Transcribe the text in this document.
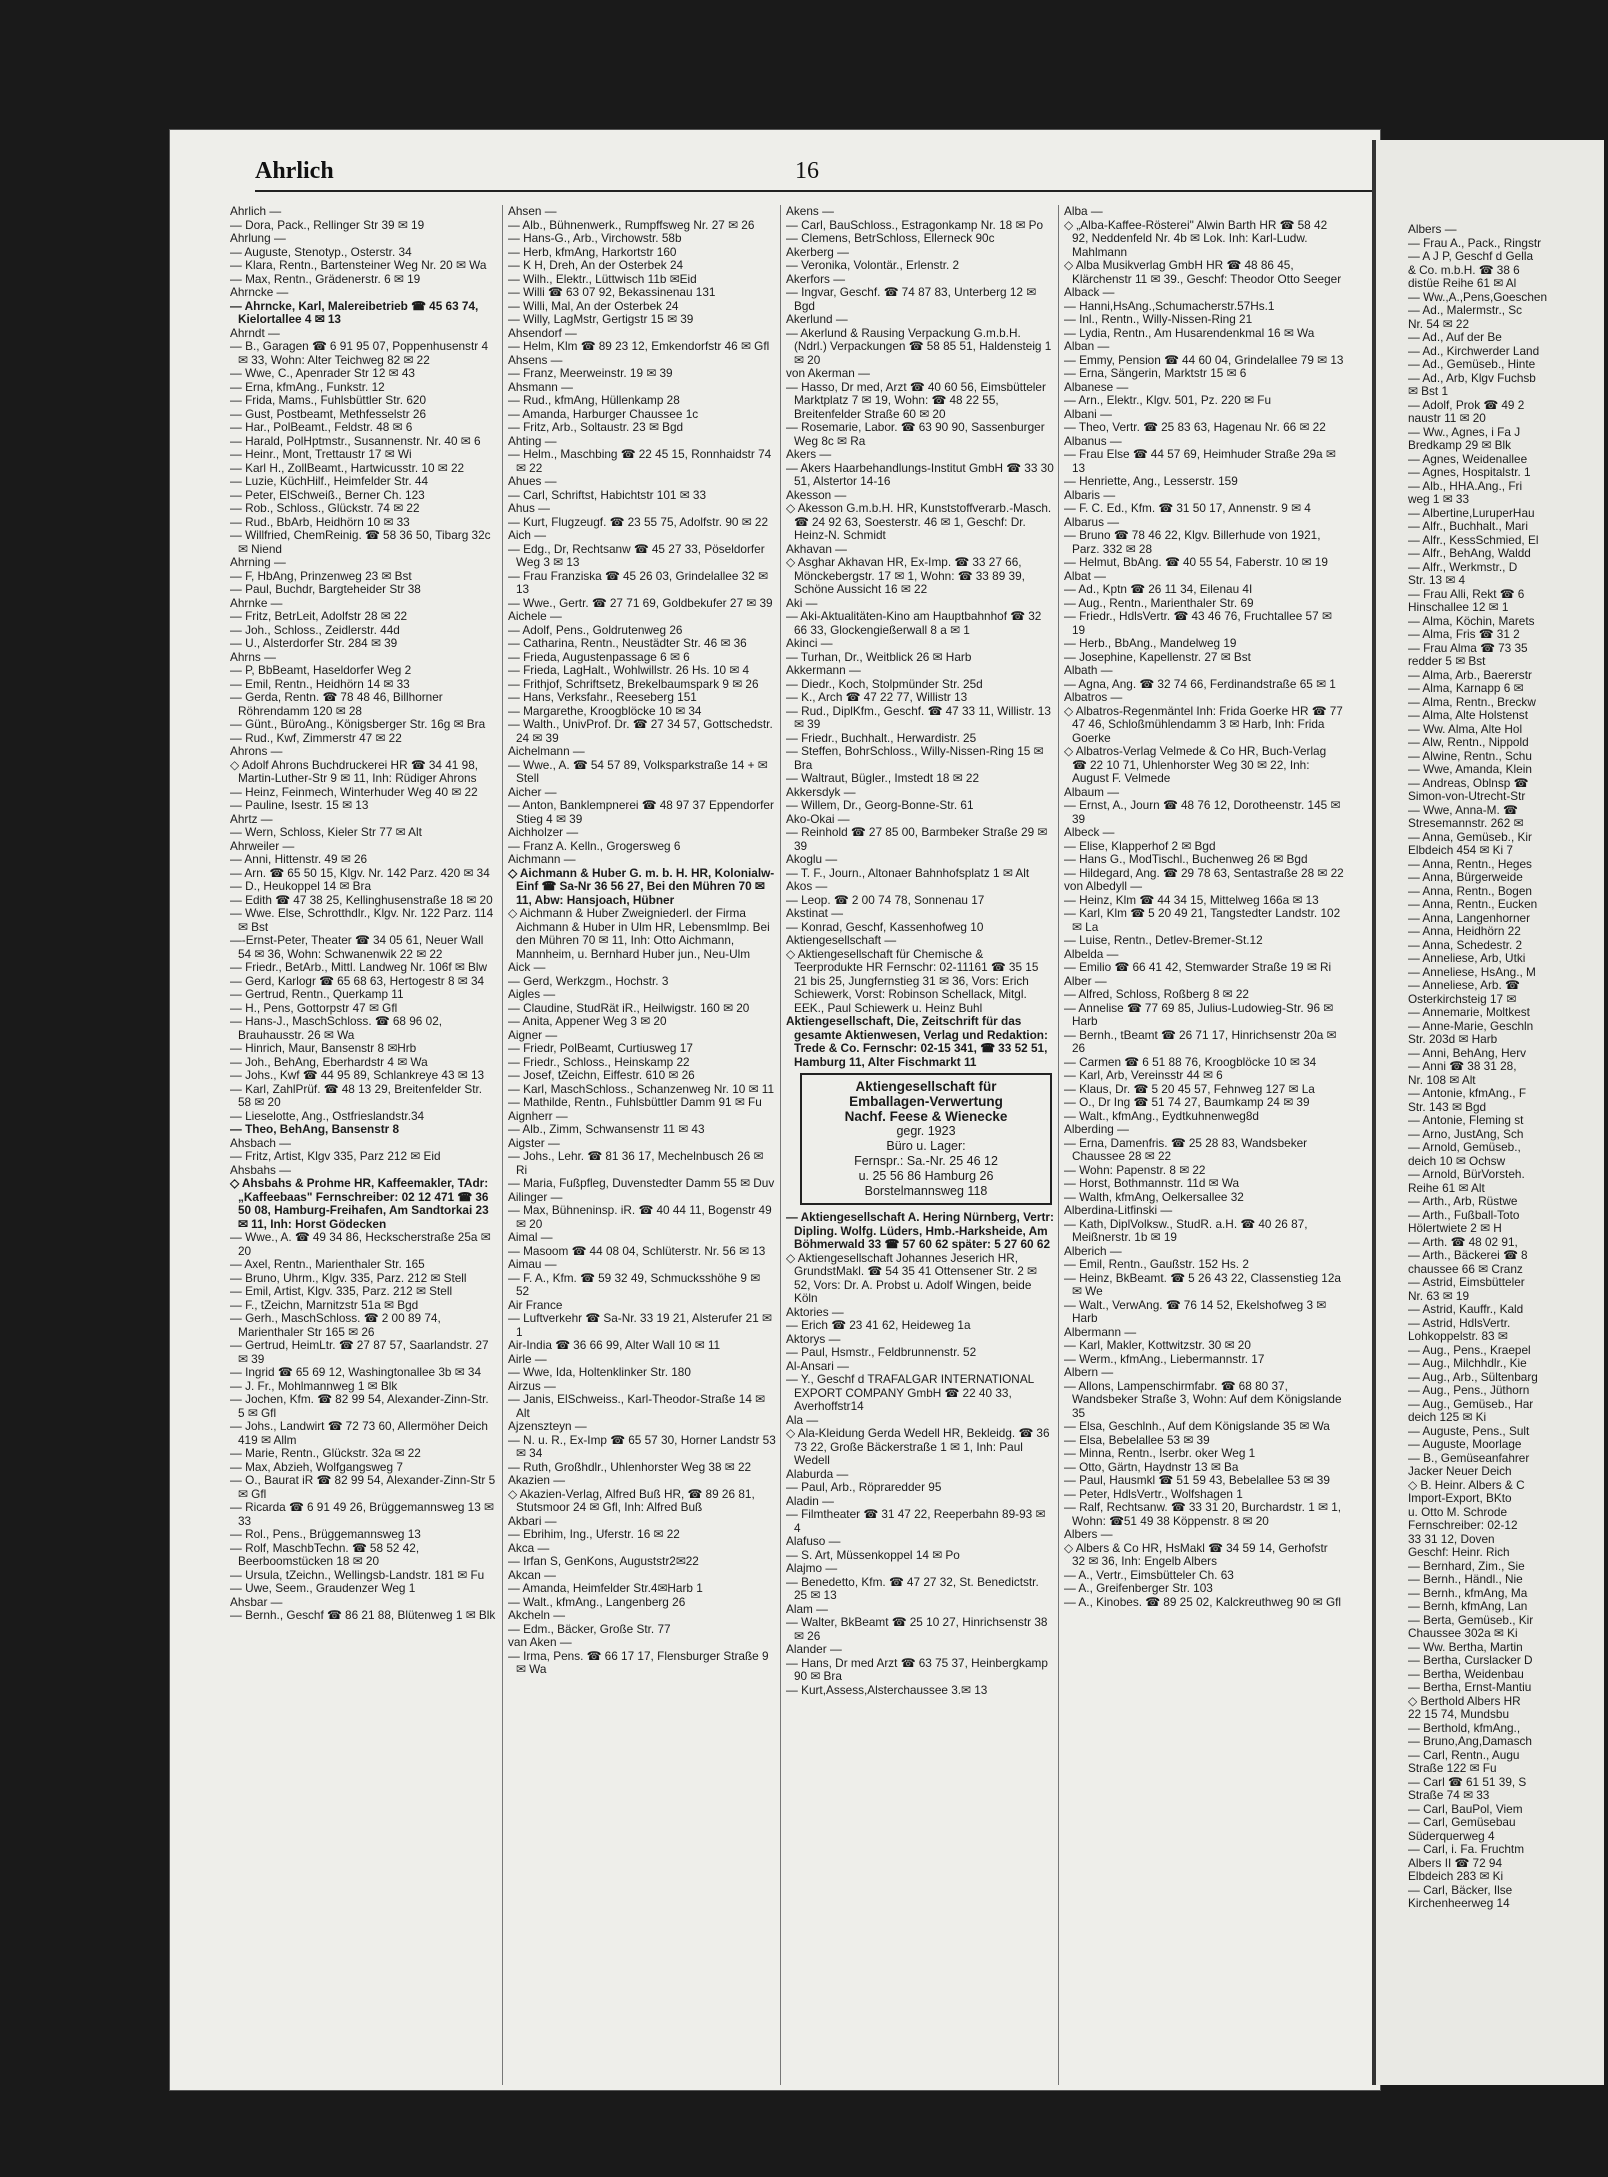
Ahrlich	16
Ahrlich —
— Dora, Pack., Rellinger Str 39 ✉ 19
Ahrlung —
— Auguste, Stenotyp., Osterstr. 34
— Klara, Rentn., Bartensteiner Weg Nr. 20 ✉ Wa
— Max, Rentn., Grädenerstr. 6 ✉ 19
Ahrncke —
— Ahrncke, Karl, Malereibetrieb ☎ 45 63 74, Kielortallee 4 ✉ 13
Ahrndt —
— B., Garagen ☎ 6 91 95 07, Poppenhusenstr 4 ✉ 33, Wohn: Alter Teichweg 82 ✉ 22
— Wwe, C., Apenrader Str 12 ✉ 43
— Erna, kfmAng., Funkstr. 12
— Frida, Mams., Fuhlsbüttler Str. 620
— Gust, Postbeamt, Methfesselstr 26
— Har., PolBeamt., Feldstr. 48 ✉ 6
— Harald, PolHptmstr., Susannenstr. Nr. 40 ✉ 6
— Heinr., Mont, Trettaustr 17 ✉ Wi
— Karl H., ZollBeamt., Hartwicusstr. 10 ✉ 22
— Luzie, KüchHilf., Heimfelder Str. 44
— Peter, ElSchweiß., Berner Ch. 123
— Rob., Schloss., Glückstr. 74 ✉ 22
— Rud., BbArb, Heidhörn 10 ✉ 33
— Willfried, ChemReinig. ☎ 58 36 50, Tibarg 32c ✉ Niend
Ahrning —
— F, HbAng, Prinzenweg 23 ✉ Bst
— Paul, Buchdr, Bargteheider Str 38
Ahrnke —
— Fritz, BetrLeit, Adolfstr 28 ✉ 22
— Joh., Schloss., Zeidlerstr. 44d
— U., Alsterdorfer Str. 284 ✉ 39
Ahrns —
— P, BbBeamt, Haseldorfer Weg 2
— Emil, Rentn., Heidhörn 14 ✉ 33
— Gerda, Rentn. ☎ 78 48 46, Billhorner Röhrendamm 120 ✉ 28
— Günt., BüroAng., Königsberger Str. 16g ✉ Bra
— Rud., Kwf, Zimmerstr 47 ✉ 22
Ahrons —
◇ Adolf Ahrons Buchdruckerei HR ☎ 34 41 98, Martin-Luther-Str 9 ✉ 11, Inh: Rüdiger Ahrons
— Heinz, Feinmech, Winterhuder Weg 40 ✉ 22
— Pauline, Isestr. 15 ✉ 13
Ahrtz —
— Wern, Schloss, Kieler Str 77 ✉ Alt
Ahrweiler —
— Anni, Hittenstr. 49 ✉ 26
— Arn. ☎ 65 50 15, Klgv. Nr. 142 Parz. 420 ✉ 34
— D., Heukoppel 14 ✉ Bra
— Edith ☎ 47 38 25, Kellinghusenstraße 18 ✉ 20
— Wwe. Else, Schrotthdlr., Klgv. Nr. 122 Parz. 114 ✉ Bst
—-Ernst-Peter, Theater ☎ 34 05 61, Neuer Wall 54 ✉ 36, Wohn: Schwanenwik 22 ✉ 22
— Friedr., BetArb., Mittl. Landweg Nr. 106f ✉ Blw
— Gerd, Karlogr ☎ 65 68 63, Hertogestr 8 ✉ 34
— Gertrud, Rentn., Querkamp 11
— H., Pens, Gottorpstr 47 ✉ Gfl
— Hans-J., MaschSchloss. ☎ 68 96 02, Brauhausstr. 26 ✉ Wa
— Hinrich, Maur, Bansenstr 8 ✉Hrb
— Joh., BehAng, Eberhardstr 4 ✉ Wa
— Johs., Kwf ☎ 44 95 89, Schlankreye 43 ✉ 13
— Karl, ZahlPrüf. ☎ 48 13 29, Breitenfelder Str. 58 ✉ 20
— Lieselotte, Ang., Ostfrieslandstr.34
— Theo, BehAng, Bansenstr 8
Ahsbach —
— Fritz, Artist, Klgv 335, Parz 212 ✉ Eid
Ahsbahs —
◇ Ahsbahs & Prohme HR, Kaffeemakler, TAdr: „Kaffeebaas" Fernschreiber: 02 12 471 ☎ 36 50 08, Hamburg-Freihafen, Am Sandtorkai 23 ✉ 11, Inh: Horst Gödecken
— Wwe., A. ☎ 49 34 86, Heckscherstraße 25a ✉ 20
— Axel, Rentn., Marienthaler Str. 165
— Bruno, Uhrm., Klgv. 335, Parz. 212 ✉ Stell
— Emil, Artist, Klgv. 335, Parz. 212 ✉ Stell
— F., tZeichn, Marnitzstr 51a ✉ Bgd
— Gerh., MaschSchloss. ☎ 2 00 89 74, Marienthaler Str 165 ✉ 26
— Gertrud, HeimLtr. ☎ 27 87 57, Saarlandstr. 27 ✉ 39
— Ingrid ☎ 65 69 12, Washingtonallee 3b ✉ 34
— J. Fr., Mohlmannweg 1 ✉ Blk
— Jochen, Kfm. ☎ 82 99 54, Alexander-Zinn-Str. 5 ✉ Gfl
— Johs., Landwirt ☎ 72 73 60, Allermöher Deich 419 ✉ Allm
— Marie, Rentn., Glückstr. 32a ✉ 22
— Max, Abzieh, Wolfgangsweg 7
— O., Baurat iR ☎ 82 99 54, Alexander-Zinn-Str 5 ✉ Gfl
— Ricarda ☎ 6 91 49 26, Brüggemannsweg 13 ✉ 33
— Rol., Pens., Brüggemannsweg 13
— Rolf, MaschbTechn. ☎ 58 52 42, Beerboomstücken 18 ✉ 20
— Ursula, tZeichn., Wellingsb-Landstr. 181 ✉ Fu
— Uwe, Seem., Graudenzer Weg 1
Ahsbar —
— Bernh., Geschf ☎ 86 21 88, Blütenweg 1 ✉ Blk
Ahsen —
— Alb., Bühnenwerk., Rumpffsweg Nr. 27 ✉ 26
— Hans-G., Arb., Virchowstr. 58b
— Herb, kfmAng, Harkortstr 160
— K H, Dreh, An der Osterbek 24
— Wilh., Elektr., Lüttwisch 11b ✉Eid
— Willi ☎ 63 07 92, Bekassinenau 131
— Willi, Mal, An der Osterbek 24
— Willy, LagMstr, Gertigstr 15 ✉ 39
Ahsendorf —
— Helm, Klm ☎ 89 23 12, Emkendorfstr 46 ✉ Gfl
Ahsens —
— Franz, Meerweinstr. 19 ✉ 39
Ahsmann —
— Rud., kfmAng, Hüllenkamp 28
— Amanda, Harburger Chaussee 1c
— Fritz, Arb., Soltaustr. 23 ✉ Bgd
Ahting —
— Helm., Maschbing ☎ 22 45 15, Ronnhaidstr 74 ✉ 22
Ahues —
— Carl, Schriftst, Habichtstr 101 ✉ 33
Ahus —
— Kurt, Flugzeugf. ☎ 23 55 75, Adolfstr. 90 ✉ 22
Aich —
— Edg., Dr, Rechtsanw ☎ 45 27 33, Pöseldorfer Weg 3 ✉ 13
— Frau Franziska ☎ 45 26 03, Grindelallee 32 ✉ 13
— Wwe., Gertr. ☎ 27 71 69, Goldbekufer 27 ✉ 39
Aichele —
— Adolf, Pens., Goldrutenweg 26
— Catharina, Rentn., Neustädter Str. 46 ✉ 36
— Frieda, Augustenpassage 6 ✉ 6
— Frieda, LagHalt., Wohlwillstr. 26 Hs. 10 ✉ 4
— Frithjof, Schriftsetz, Brekelbaumspark 9 ✉ 26
— Hans, Verksfahr., Reeseberg 151
— Margarethe, Kroogblöcke 10 ✉ 34
— Walth., UnivProf. Dr. ☎ 27 34 57, Gottschedstr. 24 ✉ 39
Aichelmann —
— Wwe., A. ☎ 54 57 89, Volksparkstraße 14 + ✉ Stell
Aicher —
— Anton, Banklempnerei ☎ 48 97 37 Eppendorfer Stieg 4 ✉ 39
Aichholzer —
— Franz A. Kelln., Grogersweg 6
Aichmann —
◇ Aichmann & Huber G. m. b. H. HR, Kolonialw-Einf ☎ Sa-Nr 36 56 27, Bei den Mühren 70 ✉ 11, Abw: Hansjoach, Hübner
◇ Aichmann & Huber Zweigniederl. der Firma Aichmann & Huber in Ulm HR, Lebensmlmp. Bei den Mühren 70 ✉ 11, Inh: Otto Aichmann, Mannheim, u. Bernhard Huber jun., Neu-Ulm
Aick —
— Gerd, Werkzgm., Hochstr. 3
Aigles —
— Claudine, StudRät iR., Heilwigstr. 160 ✉ 20
— Anita, Appener Weg 3 ✉ 20
Aigner —
— Friedr, PolBeamt, Curtiusweg 17
— Friedr., Schloss., Heinskamp 22
— Josef, tZeichn, Eiffestr. 610 ✉ 26
— Karl, MaschSchloss., Schanzenweg Nr. 10 ✉ 11
— Mathilde, Rentn., Fuhlsbüttler Damm 91 ✉ Fu
Aignherr —
— Alb., Zimm, Schwansenstr 11 ✉ 43
Aigster —
— Johs., Lehr. ☎ 81 36 17, Mechelnbusch 26 ✉ Ri
— Maria, Fußpfleg, Duvenstedter Damm 55 ✉ Duv
Ailinger —
— Max, Bühneninsp. iR. ☎ 40 44 11, Bogenstr 49 ✉ 20
Aimal —
— Masoom ☎ 44 08 04, Schlüterstr. Nr. 56 ✉ 13
Aimau —
— F. A., Kfm. ☎ 59 32 49, Schmucksshöhe 9 ✉ 52
Air France
— Luftverkehr ☎ Sa-Nr. 33 19 21, Alsterufer 21 ✉ 1
Air-India ☎ 36 66 99, Alter Wall 10 ✉ 11
Airle —
— Wwe, Ida, Holtenklinker Str. 180
Airzus —
— Janis, ElSchweiss., Karl-Theodor-Straße 14 ✉ Alt
Ajzenszteyn —
— N. u. R., Ex-Imp ☎ 65 57 30, Horner Landstr 53 ✉ 34
— Ruth, Großhdlr., Uhlenhorster Weg 38 ✉ 22
Akazien —
◇ Akazien-Verlag, Alfred Buß HR, ☎ 89 26 81, Stutsmoor 24 ✉ Gfl, Inh: Alfred Buß
Akbari —
— Ebrihim, Ing., Uferstr. 16 ✉ 22
Akca —
— Irfan S, GenKons, Auguststr2✉22
Akcan —
— Amanda, Heimfelder Str.4✉Harb 1
— Walt., kfmAng., Langenberg 26
Akcheln —
— Edm., Bäcker, Große Str. 77
van Aken —
— Irma, Pens. ☎ 66 17 17, Flensburger Straße 9 ✉ Wa
Akens —
— Carl, BauSchloss., Estragonkamp Nr. 18 ✉ Po
— Clemens, BetrSchloss, Ellerneck 90c
Akerberg —
— Veronika, Volontär., Erlenstr. 2
Akerfors —
— Ingvar, Geschf. ☎ 74 87 83, Unterberg 12 ✉ Bgd
Akerlund —
— Akerlund & Rausing Verpackung G.m.b.H. (Ndrl.) Verpackungen ☎ 58 85 51, Haldensteig 1 ✉ 20
von Akerman —
— Hasso, Dr med, Arzt ☎ 40 60 56, Eimsbütteler Marktplatz 7 ✉ 19, Wohn: ☎ 48 22 55, Breitenfelder Straße 60 ✉ 20
— Rosemarie, Labor. ☎ 63 90 90, Sassenburger Weg 8c ✉ Ra
Akers —
— Akers Haarbehandlungs-Institut GmbH ☎ 33 30 51, Alstertor 14-16
Akesson —
◇ Akesson G.m.b.H. HR, Kunststoffverarb.-Masch. ☎ 24 92 63, Soesterstr. 46 ✉ 1, Geschf: Dr. Heinz-N. Schmidt
Akhavan —
◇ Asghar Akhavan HR, Ex-Imp. ☎ 33 27 66, Mönckebergstr. 17 ✉ 1, Wohn: ☎ 33 89 39, Schöne Aussicht 16 ✉ 22
Aki —
— Aki-Aktualitäten-Kino am Hauptbahnhof ☎ 32 66 33, Glockengießerwall 8 a ✉ 1
Akinci —
— Turhan, Dr., Weitblick 26 ✉ Harb
Akkermann —
— Diedr., Koch, Stolpmünder Str. 25d
— K., Arch ☎ 47 22 77, Willistr 13
— Rud., DiplKfm., Geschf. ☎ 47 33 11, Willistr. 13 ✉ 39
— Friedr., Buchhalt., Herwardistr. 25
— Steffen, BohrSchloss., Willy-Nissen-Ring 15 ✉ Bra
— Waltraut, Bügler., Imstedt 18 ✉ 22
Akkersdyk —
— Willem, Dr., Georg-Bonne-Str. 61
Ako-Okai —
— Reinhold ☎ 27 85 00, Barmbeker Straße 29 ✉ 39
Akoglu —
— T. F., Journ., Altonaer Bahnhofsplatz 1 ✉ Alt
Akos —
— Leop. ☎ 2 00 74 78, Sonnenau 17
Akstinat —
— Konrad, Geschf, Kassenhofweg 10
Aktiengesellschaft —
◇ Aktiengesellschaft für Chemische & Teerprodukte HR Fernschr: 02-11161 ☎ 35 15 21 bis 25, Jungfernstieg 31 ✉ 36, Vors: Erich Schiewerk, Vorst: Robinson Schellack, Mitgl. EEK., Paul Schiewerk u. Heinz Buhl
Aktiengesellschaft, Die, Zeitschrift für das gesamte Aktienwesen, Verlag und Redaktion: Trede & Co. Fernschr: 02-15 341, ☎ 33 52 51, Hamburg 11, Alter Fischmarkt 11
Aktiengesellschaft für
Emballagen-Verwertung
Nachf. Feese & Wienecke
gegr. 1923
Büro u. Lager:
Fernspr.: Sa.-Nr. 25 46 12
u. 25 56 86 Hamburg 26
Borstelmannsweg 118
— Aktiengesellschaft A. Hering Nürnberg, Vertr: Dipling. Wolfg. Lüders, Hmb.-Harksheide, Am Böhmerwald 33 ☎ 57 60 62 später: 5 27 60 62
◇ Aktiengesellschaft Johannes Jeserich HR, GrundstMakl. ☎ 54 35 41 Ottensener Str. 2 ✉ 52, Vors: Dr. A. Probst u. Adolf Wingen, beide Köln
Aktories —
— Erich ☎ 23 41 62, Heideweg 1a
Aktorys —
— Paul, Hsmstr., Feldbrunnenstr. 52
Al-Ansari —
— Y., Geschf d TRAFALGAR INTERNATIONAL EXPORT COMPANY GmbH ☎ 22 40 33, Averhoffstr14
Ala —
◇ Ala-Kleidung Gerda Wedell HR, Bekleidg. ☎ 36 73 22, Große Bäckerstraße 1 ✉ 1, Inh: Paul Wedell
Alaburda —
— Paul, Arb., Röpraredder 95
Aladin —
— Filmtheater ☎ 31 47 22, Reeperbahn 89-93 ✉ 4
Alafuso —
— S. Art, Müssenkoppel 14 ✉ Po
Alajmo —
— Benedetto, Kfm. ☎ 47 27 32, St. Benedictstr. 25 ✉ 13
Alam —
— Walter, BkBeamt ☎ 25 10 27, Hinrichsenstr 38 ✉ 26
Alander —
— Hans, Dr med Arzt ☎ 63 75 37, Heinbergkamp 90 ✉ Bra
— Kurt,Assess,Alsterchaussee 3.✉ 13
Alba —
◇ „Alba-Kaffee-Rösterei" Alwin Barth HR ☎ 58 42 92, Neddenfeld Nr. 4b ✉ Lok. Inh: Karl-Ludw. Mahlmann
◇ Alba Musikverlag GmbH HR ☎ 48 86 45, Klärchenstr 11 ✉ 39., Geschf: Theodor Otto Seeger
Alback —
— Hanni,HsAng.,Schumacherstr.57Hs.1
— Inl., Rentn., Willy-Nissen-Ring 21
— Lydia, Rentn., Am Husarendenkmal 16 ✉ Wa
Alban —
— Emmy, Pension ☎ 44 60 04, Grindelallee 79 ✉ 13
— Erna, Sängerin, Marktstr 15 ✉ 6
Albanese —
— Arn., Elektr., Klgv. 501, Pz. 220 ✉ Fu
Albani —
— Theo, Vertr. ☎ 25 83 63, Hagenau Nr. 66 ✉ 22
Albanus —
— Frau Else ☎ 44 57 69, Heimhuder Straße 29a ✉ 13
— Henriette, Ang., Lesserstr. 159
Albaris —
— F. C. Ed., Kfm. ☎ 31 50 17, Annenstr. 9 ✉ 4
Albarus —
— Bruno ☎ 78 46 22, Klgv. Billerhude von 1921, Parz. 332 ✉ 28
— Helmut, BbAng. ☎ 40 55 54, Faberstr. 10 ✉ 19
Albat —
— Ad., Kptn ☎ 26 11 34, Eilenau 4I
— Aug., Rentn., Marienthaler Str. 69
— Friedr., HdlsVertr. ☎ 43 46 76, Fruchtallee 57 ✉ 19
— Herb., BbAng., Mandelweg 19
— Josephine, Kapellenstr. 27 ✉ Bst
Albath —
— Agna, Ang. ☎ 32 74 66, Ferdinandstraße 65 ✉ 1
Albatros —
◇ Albatros-Regenmäntel Inh: Frida Goerke HR ☎ 77 47 46, Schloßmühlendamm 3 ✉ Harb, Inh: Frida Goerke
◇ Albatros-Verlag Velmede & Co HR, Buch-Verlag ☎ 22 10 71, Uhlenhorster Weg 30 ✉ 22, Inh: August F. Velmede
Albaum —
— Ernst, A., Journ ☎ 48 76 12, Dorotheenstr. 145 ✉ 39
Albeck —
— Elise, Klapperhof 2 ✉ Bgd
— Hans G., ModTischl., Buchenweg 26 ✉ Bgd
— Hildegard, Ang. ☎ 29 78 63, Sentastraße 28 ✉ 22
von Albedyll —
— Heinz, Klm ☎ 44 34 15, Mittelweg 166a ✉ 13
— Karl, Klm ☎ 5 20 49 21, Tangstedter Landstr. 102 ✉ La
— Luise, Rentn., Detlev-Bremer-St.12
Albelda —
— Emilio ☎ 66 41 42, Stemwarder Straße 19 ✉ Ri
Alber —
— Alfred, Schloss, Roßberg 8 ✉ 22
— Annelise ☎ 77 69 85, Julius-Ludowieg-Str. 96 ✉ Harb
— Bernh., tBeamt ☎ 26 71 17, Hinrichsenstr 20a ✉ 26
— Carmen ☎ 6 51 88 76, Kroogblöcke 10 ✉ 34
— Karl, Arb, Vereinsstr 44 ✉ 6
— Klaus, Dr. ☎ 5 20 45 57, Fehnweg 127 ✉ La
— O., Dr Ing ☎ 51 74 27, Baumkamp 24 ✉ 39
— Walt., kfmAng., Eydtkuhnenweg8d
Alberding —
— Erna, Damenfris. ☎ 25 28 83, Wandsbeker Chaussee 28 ✉ 22
— Wohn: Papenstr. 8 ✉ 22
— Horst, Bothmannstr. 11d ✉ Wa
— Walth, kfmAng, Oelkersallee 32
Alberdina-Litfinski —
— Kath, DiplVolksw., StudR. a.H. ☎ 40 26 87, Meißnerstr. 1b ✉ 19
Alberich —
— Emil, Rentn., Gaußstr. 152 Hs. 2
— Heinz, BkBeamt. ☎ 5 26 43 22, Classenstieg 12a ✉ We
— Walt., VerwAng. ☎ 76 14 52, Ekelshofweg 3 ✉ Harb
Albermann —
— Karl, Makler, Kottwitzstr. 30 ✉ 20
— Werm., kfmAng., Liebermannstr. 17
Albern —
— Allons, Lampenschirmfabr. ☎ 68 80 37, Wandsbeker Straße 3, Wohn: Auf dem Königslande 35
— Elsa, Geschlnh., Auf dem Königslande 35 ✉ Wa
— Elsa, Bebelallee 53 ✉ 39
— Minna, Rentn., Iserbr. oker Weg 1
— Otto, Gärtn, Haydnstr 13 ✉ Ba
— Paul, Hausmkl ☎ 51 59 43, Bebelallee 53 ✉ 39
— Peter, HdlsVertr., Wolfshagen 1
— Ralf, Rechtsanw. ☎ 33 31 20, Burchardstr. 1 ✉ 1, Wohn: ☎51 49 38 Köppenstr. 8 ✉ 20
Albers —
◇ Albers & Co HR, HsMakl ☎ 34 59 14, Gerhofstr 32 ✉ 36, Inh: Engelb Albers
— A., Vertr., Eimsbütteler Ch. 63
— A., Greifenberger Str. 103
— A., Kinobes. ☎ 89 25 02, Kalckreuthweg 90 ✉ Gfl
Albers —
— Frau A., Pack., Ringstr
— A J P, Geschf d Gella
& Co. m.b.H. ☎ 38 6
distüe Reihe 61 ✉ Al
— Ww.,A.,Pens,Goeschen
— Ad., Malermstr., Sc
Nr. 54 ✉ 22
— Ad., Auf der Be
— Ad., Kirchwerder Land
— Ad., Gemüseb., Hinte
— Ad., Arb, Klgv Fuchsb
✉ Bst 1
— Adolf, Prok ☎ 49 2
naustr 11 ✉ 20
— Ww., Agnes, i Fa J
Bredkamp 29 ✉ Blk
— Agnes, Weidenallee
— Agnes, Hospitalstr. 1
— Alb., HHA.Ang., Fri
weg 1 ✉ 33
— Albertine,LuruperHau
— Alfr., Buchhalt., Mari
— Alfr., KessSchmied, El
— Alfr., BehAng, Waldd
— Alfr., Werkmstr., D
Str. 13 ✉ 4
— Frau Alli, Rekt ☎ 6
Hinschallee 12 ✉ 1
— Alma, Köchin, Marets
— Alma, Fris ☎ 31 2
— Frau Alma ☎ 73 35
redder 5 ✉ Bst
— Alma, Arb., Baererstr
— Alma, Karnapp 6 ✉
— Alma, Rentn., Breckw
— Alma, Alte Holstenst
— Ww. Alma, Alte Hol
— Alw, Rentn., Nippold
— Alwine, Rentn., Schu
— Wwe, Amanda, Klein
— Andreas, Oblnsp ☎
Simon-von-Utrecht-Str
— Wwe, Anna-M. ☎
Stresemannstr. 262 ✉
— Anna, Gemüseb., Kir
Elbdeich 454 ✉ Ki 7
— Anna, Rentn., Heges
— Anna, Bürgerweide
— Anna, Rentn., Bogen
— Anna, Rentn., Eucken
— Anna, Langenhorner
— Anna, Heidhörn 22
— Anna, Schedestr. 2
— Anneliese, Arb, Utki
— Anneliese, HsAng., M
— Anneliese, Arb. ☎
Osterkirchsteig 17 ✉
— Annemarie, Moltkest
— Anne-Marie, Geschln
Str. 203d ✉ Harb
— Anni, BehAng, Herv
— Anni ☎ 38 31 28,
Nr. 108 ✉ Alt
— Antonie, kfmAng., F
Str. 143 ✉ Bgd
— Antonie, Fleming st
— Arno, JustAng, Sch
— Arnold, Gemüseb.,
deich 10 ✉ Ochsw
— Arnold, BürVorsteh.
Reihe 61 ✉ Alt
— Arth., Arb, Rüstwe
— Arth., Fußball-Toto
Hölertwiete 2 ✉ H
— Arth. ☎ 48 02 91,
— Arth., Bäckerei ☎ 8
chaussee 66 ✉ Cranz
— Astrid, Eimsbütteler
Nr. 63 ✉ 19
— Astrid, Kauffr., Kald
— Astrid, HdlsVertr.
Lohkoppelstr. 83 ✉
— Aug., Pens., Kraepel
— Aug., Milchhdlr., Kie
— Aug., Arb., Sültenbarg
— Aug., Pens., Jüthorn
— Aug., Gemüseb., Har
deich 125 ✉ Ki
— Auguste, Pens., Sult
— Auguste, Moorlage
— B., Gemüseanfahrer
Jacker Neuer Deich
◇ B. Heinr. Albers & C
Import-Export, BKto
u. Otto M. Schrode
Fernschreiber: 02-12
33 31 12, Doven
Geschf: Heinr. Rich
— Bernhard, Zim., Sie
— Bernh., Händl., Nie
— Bernh., kfmAng, Ma
— Bernh, kfmAng, Lan
— Berta, Gemüseb., Kir
Chaussee 302a ✉ Ki
— Ww. Bertha, Martin
— Bertha, Curslacker D
— Bertha, Weidenbau
— Bertha, Ernst-Mantiu
◇ Berthold Albers HR
22 15 74, Mundsbu
— Berthold, kfmAng.,
— Bruno,Ang,Damasch
— Carl, Rentn., Augu
Straße 122 ✉ Fu
— Carl ☎ 61 51 39, S
Straße 74 ✉ 33
— Carl, BauPol, Viem
— Carl, Gemüsebau
Süderquerweg 4
— Carl, i. Fa. Fruchtm
Albers II ☎ 72 94
Elbdeich 283 ✉ Ki
— Carl, Bäcker, Ilse
Kirchenheerweg 14
